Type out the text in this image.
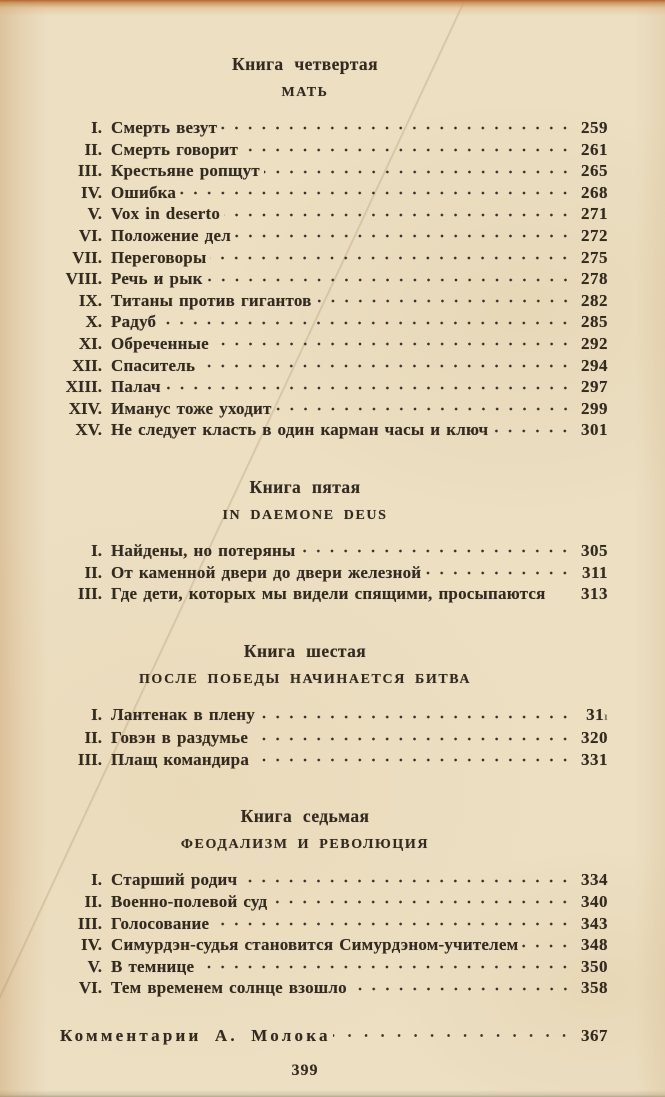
Книга четвертая
МАТЬ
I. Смерть везут	259
II. Смерть говорит	261
III. Крестьяне ропщут	265
IV. Ошибка	268
V. Vox in deserto	271
VI. Положение дел	272
VII. Переговоры	275
VIII. Речь и рык	278
IX. Титаны против гигантов	282
X. Радуб	285
XI. Обреченные	292
XII. Спаситель	294
XIII. Палач	297
XIV. Иманус тоже уходит	299
XV. Не следует класть в один карман часы и ключ	301
Книга пятая
IN DAEMONE DEUS
I. Найдены, но потеряны	305
II. От каменной двери до двери железной	311
III. Где дети, которых мы видели спящими, просыпаются 313
Книга шестая
ПОСЛЕ ПОБЕДЫ НАЧИНАЕТСЯ БИТВА
I. Лантенак в плену	31ı
II. Говэн в раздумье	320
III. Плащ командира	331
Книга седьмая
ФЕОДАЛИЗМ И РЕВОЛЮЦИЯ
I. Старший родич	334
II. Военно-полевой суд	340
III. Голосование	343
IV. Симурдэн-судья становится Симурдэном-учителем	348
V. В темнице	350
VI. Тем временем солнце взошло	358
Комментарии А. Молока	367
399
